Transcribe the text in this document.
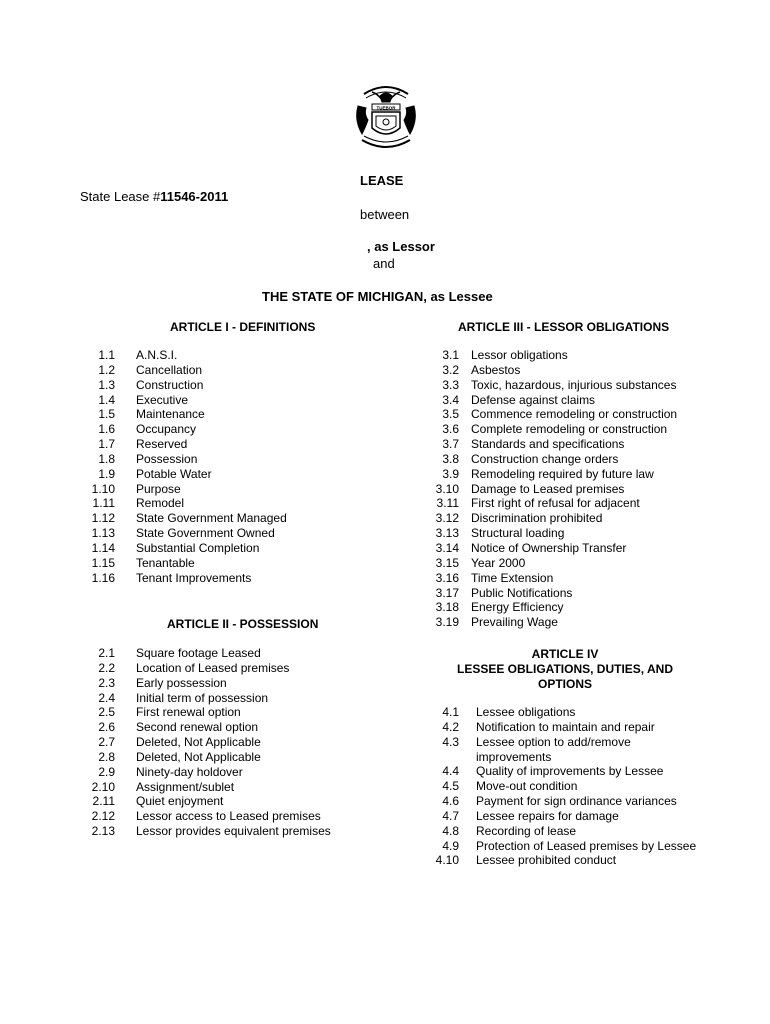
TUEBOR
LEASE
State Lease #11546-2011
between
, as Lessor
and
THE STATE OF MICHIGAN, as Lessee
ARTICLE I - DEFINITIONS	ARTICLE III - LESSOR OBLIGATIONS
ARTICLE II - POSSESSION
ARTICLE IV
LESSEE OBLIGATIONS, DUTIES, AND
OPTIONS
1.1 A.N.S.I.
1.2 Cancellation
1.3 Construction
1.4 Executive
1.5 Maintenance
1.6 Occupancy
1.7 Reserved
1.8 Possession
1.9 Potable Water
1.10 Purpose
1.11 Remodel
1.12 State Government Managed
1.13 State Government Owned
1.14 Substantial Completion
1.15 Tenantable
1.16 Tenant Improvements
2.1 Square footage Leased
2.2 Location of Leased premises
2.3 Early possession
2.4 Initial term of possession
2.5 First renewal option
2.6 Second renewal option
2.7 Deleted, Not Applicable
2.8 Deleted, Not Applicable
2.9 Ninety-day holdover
2.10 Assignment/sublet
2.11 Quiet enjoyment
2.12 Lessor access to Leased premises
2.13 Lessor provides equivalent premises
3.1 Lessor obligations
3.2 Asbestos
3.3 Toxic, hazardous, injurious substances
3.4 Defense against claims
3.5 Commence remodeling or construction
3.6 Complete remodeling or construction
3.7 Standards and specifications
3.8 Construction change orders
3.9 Remodeling required by future law
3.10 Damage to Leased premises
3.11 First right of refusal for adjacent
3.12 Discrimination prohibited
3.13 Structural loading
3.14 Notice of Ownership Transfer
3.15 Year 2000
3.16 Time Extension
3.17 Public Notifications
3.18 Energy Efficiency
3.19 Prevailing Wage
4.1 Lessee obligations
4.2 Notification to maintain and repair
4.3 Lessee option to add/remove
improvements
4.4 Quality of improvements by Lessee
4.5 Move-out condition
4.6 Payment for sign ordinance variances
4.7 Lessee repairs for damage
4.8 Recording of lease
4.9 Protection of Leased premises by Lessee
4.10 Lessee prohibited conduct
